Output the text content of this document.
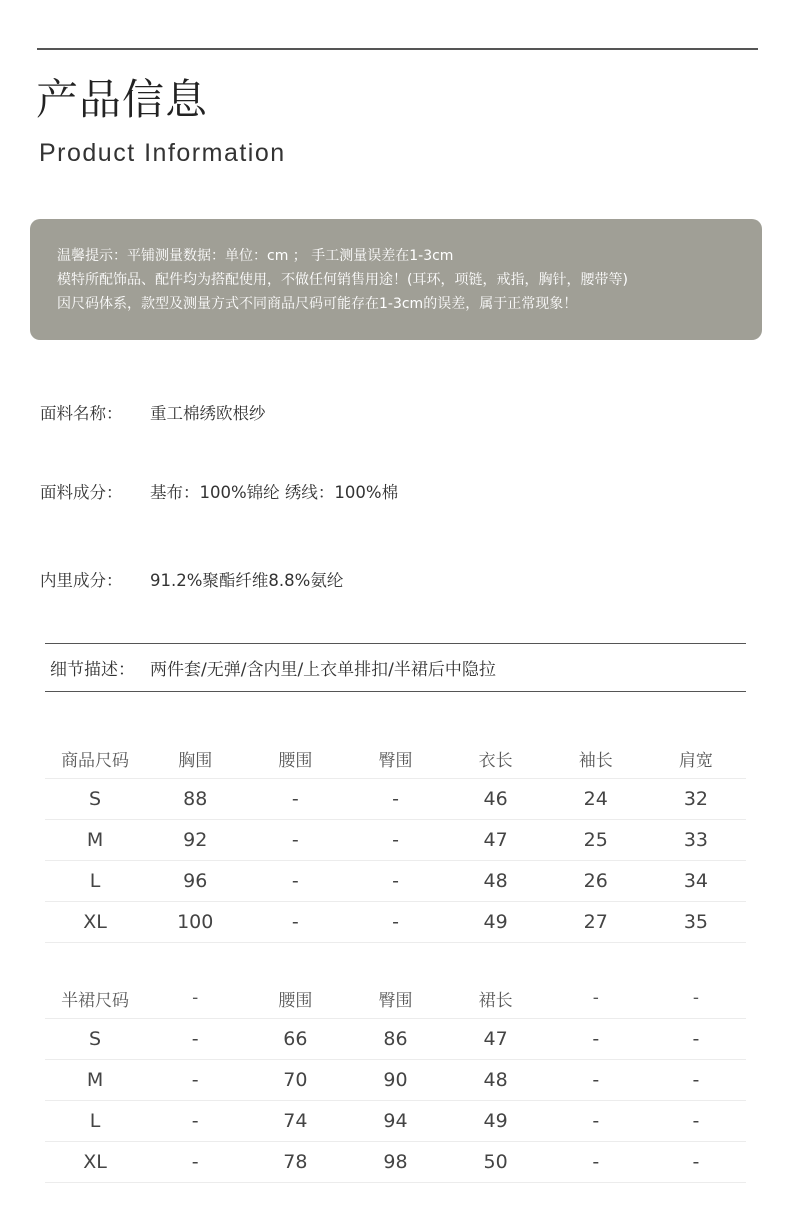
产品信息
Product Information

温馨提示：平铺测量数据：单位：cm ； 手工测量误差在1-3cm

模特所配饰品、配件均为搭配使用，不做任何销售用途！(耳环，项链，戒指，胸针，腰带等)

因尺码体系，款型及测量方式不同商品尺码可能存在1-3cm的误差，属于正常现象！

面料名称： 重工棉绣欧根纱
面料成分： 基布：100%锦纶 绣线：100%棉
内里成分： 91.2%聚酯纤维8.8%氨纶
细节描述： 两件套/无弹/含内里/上衣单排扣/半裙后中隐拉
商品尺码	胸围	腰围	臀围	衣长	袖长	肩宽
S	88	-	-	46	24	32
M	92	-	-	47	25	33
L	96	-	-	48	26	34
XL	100	-	-	49	27	35
半裙尺码	-	腰围	臀围	裙长	-	-
S	-	66	86	47	-	-
M	-	70	90	48	-	-
L	-	74	94	49	-	-
XL	-	78	98	50	-	-
